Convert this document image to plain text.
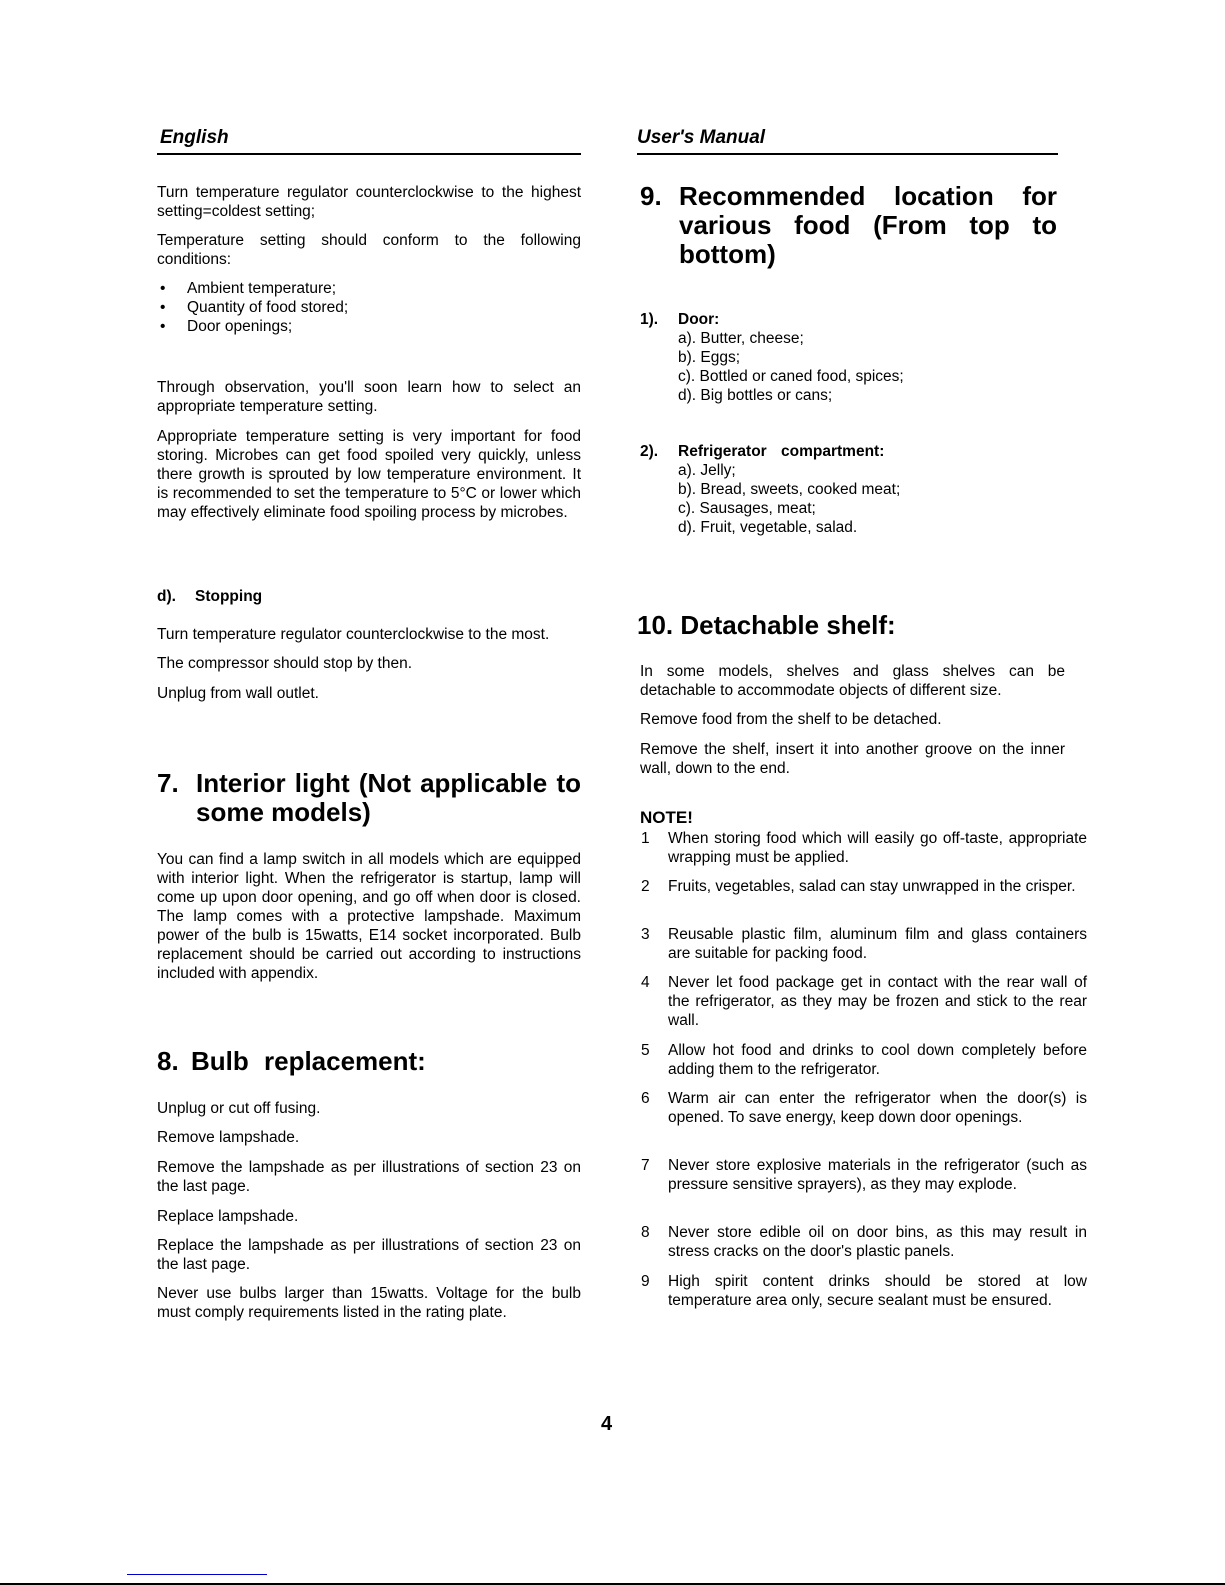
English	User's Manual

Turn temperature regulator counterclockwise to the highest setting=coldest setting;

Temperature setting should conform to the following conditions:

• Ambient temperature;
• Quantity of food stored;
• Door openings;

Through observation, you'll soon learn how to select an appropriate temperature setting.

Appropriate temperature setting is very important for food storing. Microbes can get food spoiled very quickly, unless there growth is sprouted by low temperature environment. It is recommended to set the temperature to 5°C or lower which may effectively eliminate food spoiling process by microbes.

d). Stopping

Turn temperature regulator counterclockwise to the most.

The compressor should stop by then.

Unplug from wall outlet.

7. Interior light (Not applicable to some models)

You can find a lamp switch in all models which are equipped with interior light. When the refrigerator is startup, lamp will come up upon door opening, and go off when door is closed. The lamp comes with a protective lampshade. Maximum power of the bulb is 15watts, E14 socket incorporated. Bulb replacement should be carried out according to instructions included with appendix.

8. Bulb replacement:

Unplug or cut off fusing.

Remove lampshade.

Remove the lampshade as per illustrations of section 23 on the last page.

Replace lampshade.

Replace the lampshade as per illustrations of section 23 on the last page.

Never use bulbs larger than 15watts. Voltage for the bulb must comply requirements listed in the rating plate.

9. Recommended location for various food (From top to bottom)
1). Door:
a). Butter, cheese;
b). Eggs;
c). Bottled or caned food, spices;
d). Big bottles or cans;
2). Refrigerator compartment:
a). Jelly;
b). Bread, sweets, cooked meat;
c). Sausages, meat;
d). Fruit, vegetable, salad.
10. Detachable shelf:

In some models, shelves and glass shelves can be detachable to accommodate objects of different size.

Remove food from the shelf to be detached.

Remove the shelf, insert it into another groove on the inner wall, down to the end.

NOTE!
1 When storing food which will easily go off-taste, appropriate wrapping must be applied.
2 Fruits, vegetables, salad can stay unwrapped in the crisper.
3 Reusable plastic film, aluminum film and glass containers are suitable for packing food.
4 Never let food package get in contact with the rear wall of the refrigerator, as they may be frozen and stick to the rear wall.
5 Allow hot food and drinks to cool down completely before adding them to the refrigerator.
6 Warm air can enter the refrigerator when the door(s) is opened. To save energy, keep down door openings.
7 Never store explosive materials in the refrigerator (such as pressure sensitive sprayers), as they may explode.
8 Never store edible oil on door bins, as this may result in stress cracks on the door's plastic panels.
9 High spirit content drinks should be stored at low temperature area only, secure sealant must be ensured.
4
